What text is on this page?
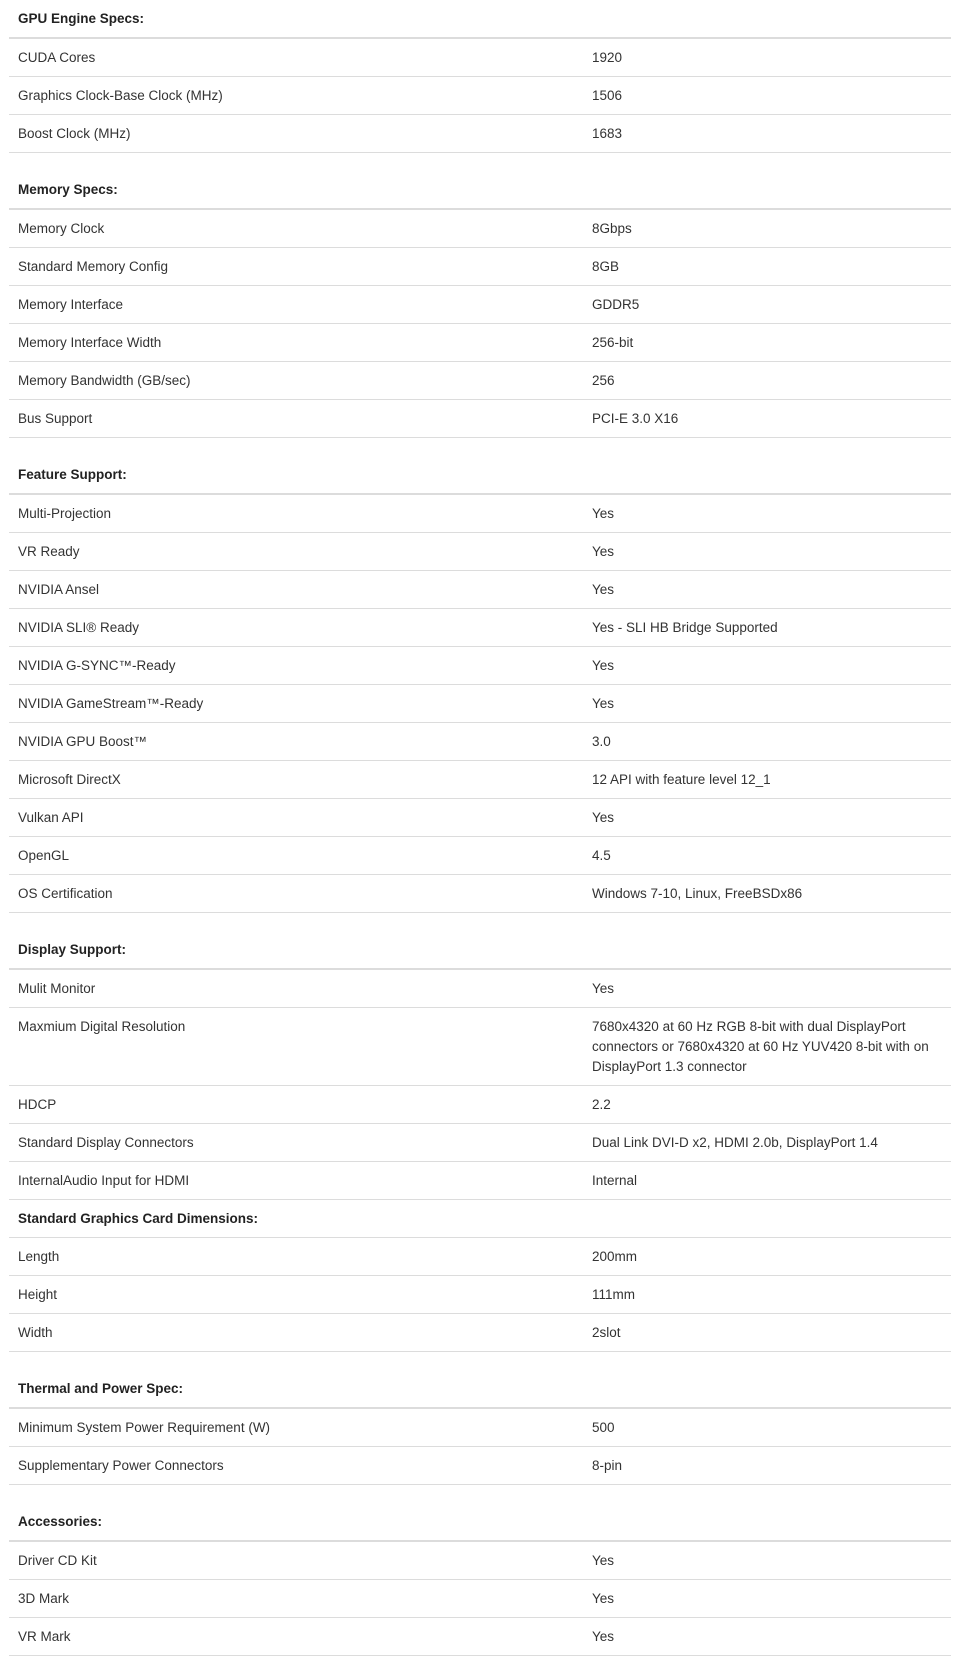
GPU Engine Specs:	
CUDA Cores	1920
Graphics Clock-Base Clock (MHz)	1506
Boost Clock (MHz)	1683
Memory Specs:	
Memory Clock	8Gbps
Standard Memory Config	8GB
Memory Interface	GDDR5
Memory Interface Width	256-bit
Memory Bandwidth (GB/sec)	256
Bus Support	PCI-E 3.0 X16
Feature Support:	
Multi-Projection	Yes
VR Ready	Yes
NVIDIA Ansel	Yes
NVIDIA SLI® Ready	Yes - SLI HB Bridge Supported
NVIDIA G-SYNC™-Ready	Yes
NVIDIA GameStream™-Ready	Yes
NVIDIA GPU Boost™	3.0
Microsoft DirectX	12 API with feature level 12_1
Vulkan API	Yes
OpenGL	4.5
OS Certification	Windows 7-10, Linux, FreeBSDx86
Display Support:	
Mulit Monitor	Yes
Maxmium Digital Resolution	7680x4320 at 60 Hz RGB 8-bit with dual DisplayPort connectors or 7680x4320 at 60 Hz YUV420 8-bit with on DisplayPort 1.3 connector
HDCP	2.2
Standard Display Connectors	Dual Link DVI-D x2, HDMI 2.0b, DisplayPort 1.4
InternalAudio Input for HDMI	Internal
Standard Graphics Card Dimensions:	
Length	200mm
Height	111mm
Width	2slot
Thermal and Power Spec:	
Minimum System Power Requirement (W)	500
Supplementary Power Connectors	8-pin
Accessories:	
Driver CD Kit	Yes
3D Mark	Yes
VR Mark	Yes
